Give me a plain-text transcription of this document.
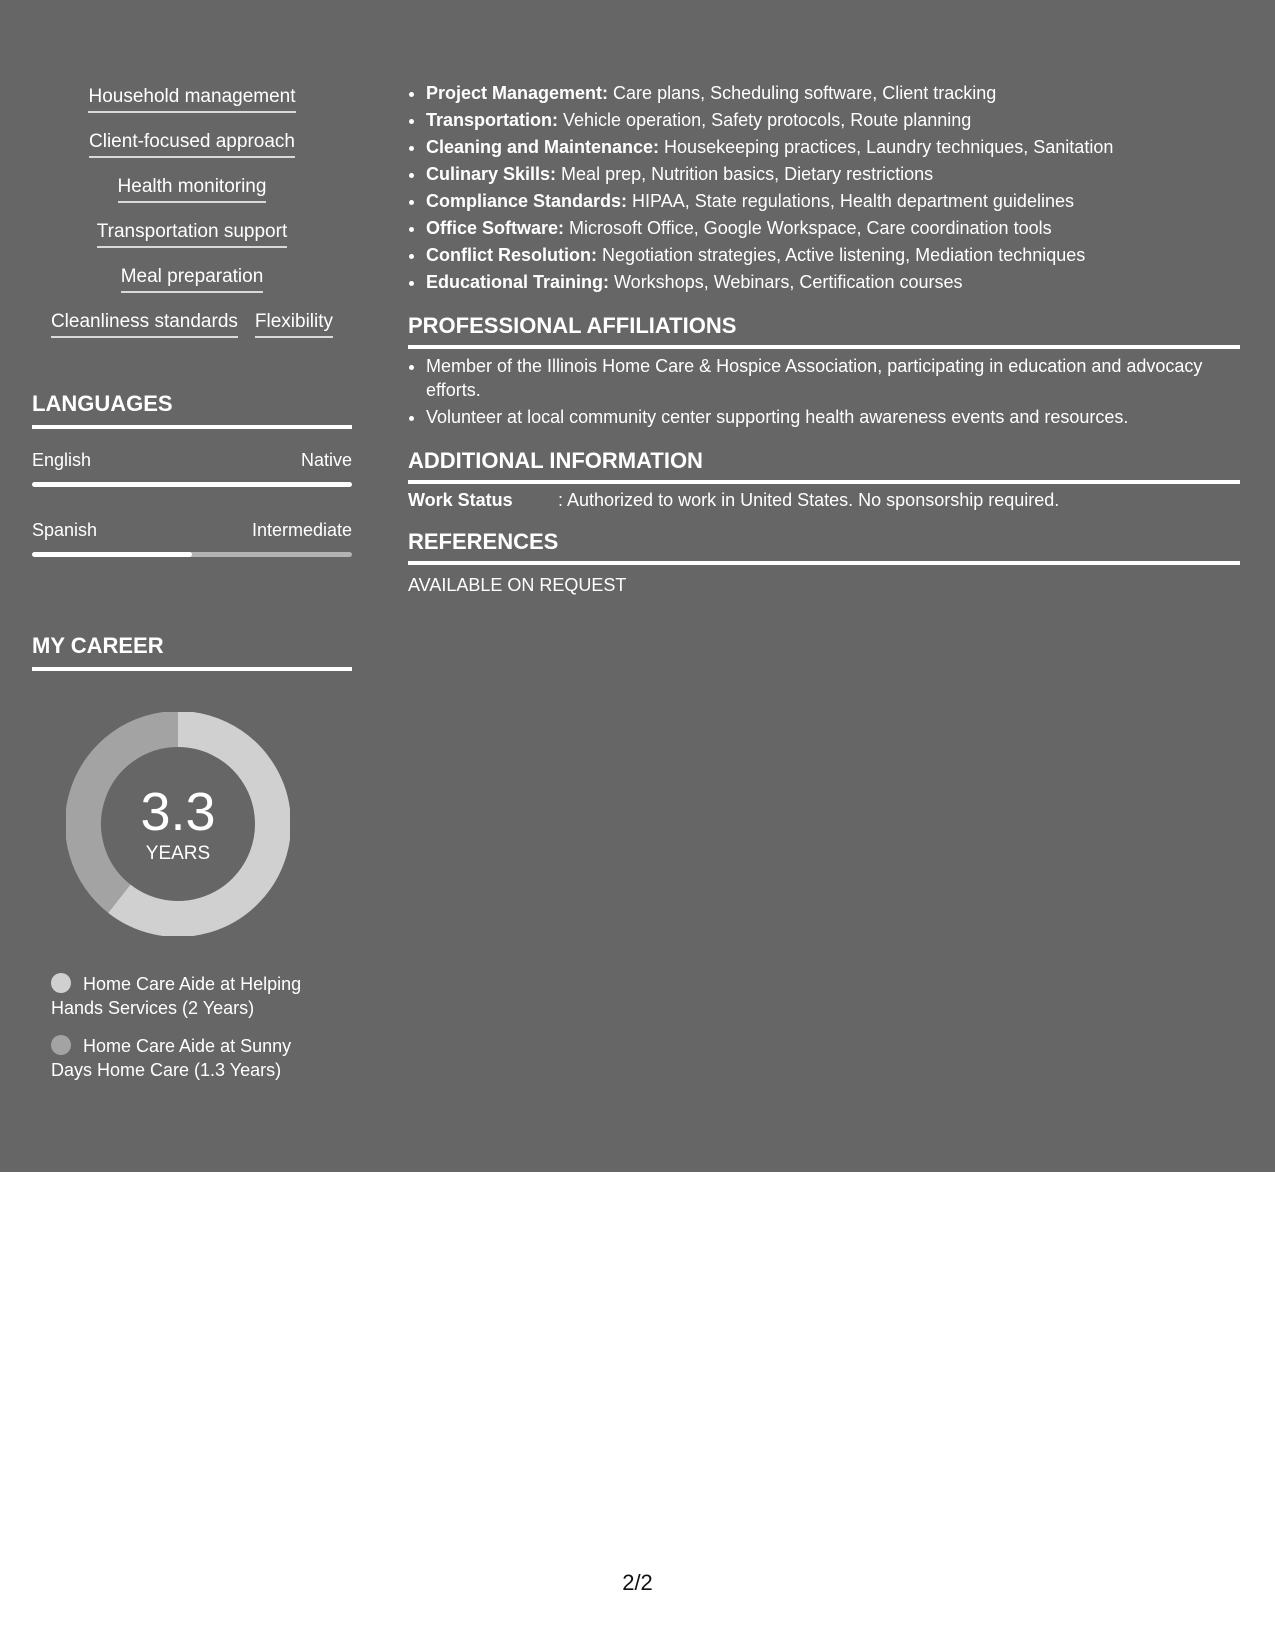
Household management
Client-focused approach
Health monitoring
Transportation support
Meal preparation
Cleanliness standards Flexibility
LANGUAGES
English	Native
Spanish	Intermediate
MY CAREER
3.3
YEARS
Home Care Aide at Helping Hands Services (2 Years)
Home Care Aide at Sunny Days Home Care (1.3 Years)
• Project Management: Care plans, Scheduling software, Client tracking
• Transportation: Vehicle operation, Safety protocols, Route planning
• Cleaning and Maintenance: Housekeeping practices, Laundry techniques, Sanitation
• Culinary Skills: Meal prep, Nutrition basics, Dietary restrictions
• Compliance Standards: HIPAA, State regulations, Health department guidelines
• Office Software: Microsoft Office, Google Workspace, Care coordination tools
• Conflict Resolution: Negotiation strategies, Active listening, Mediation techniques
• Educational Training: Workshops, Webinars, Certification courses
PROFESSIONAL AFFILIATIONS
• Member of the Illinois Home Care & Hospice Association, participating in education and advocacy efforts.
• Volunteer at local community center supporting health awareness events and resources.
ADDITIONAL INFORMATION
Work Status	: Authorized to work in United States. No sponsorship required.
REFERENCES
AVAILABLE ON REQUEST
2/2
